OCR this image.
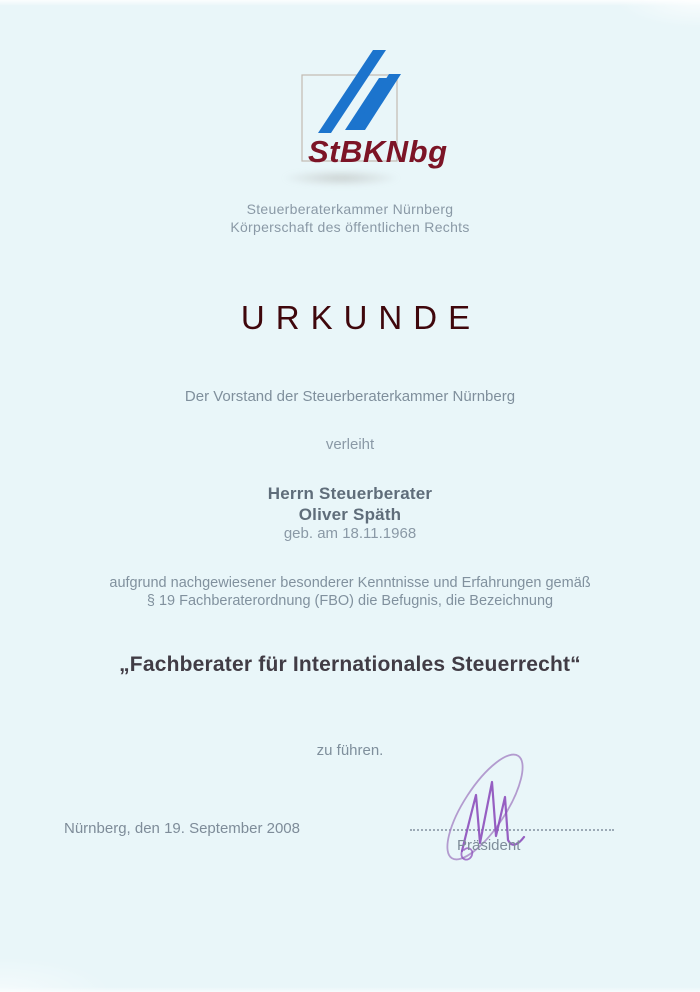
StBKNbg
Steuerberaterkammer Nürnberg
Körperschaft des öffentlichen Rechts
URKUNDE
Der Vorstand der Steuerberaterkammer Nürnberg
verleiht
Herrn Steuerberater
Oliver Späth
geb. am 18.11.1968
aufgrund nachgewiesener besonderer Kenntnisse und Erfahrungen gemäß
§ 19 Fachberaterordnung (FBO) die Befugnis, die Bezeichnung
„Fachberater für Internationales Steuerrecht“
zu führen.
Nürnberg, den 19. September 2008
Präsident
